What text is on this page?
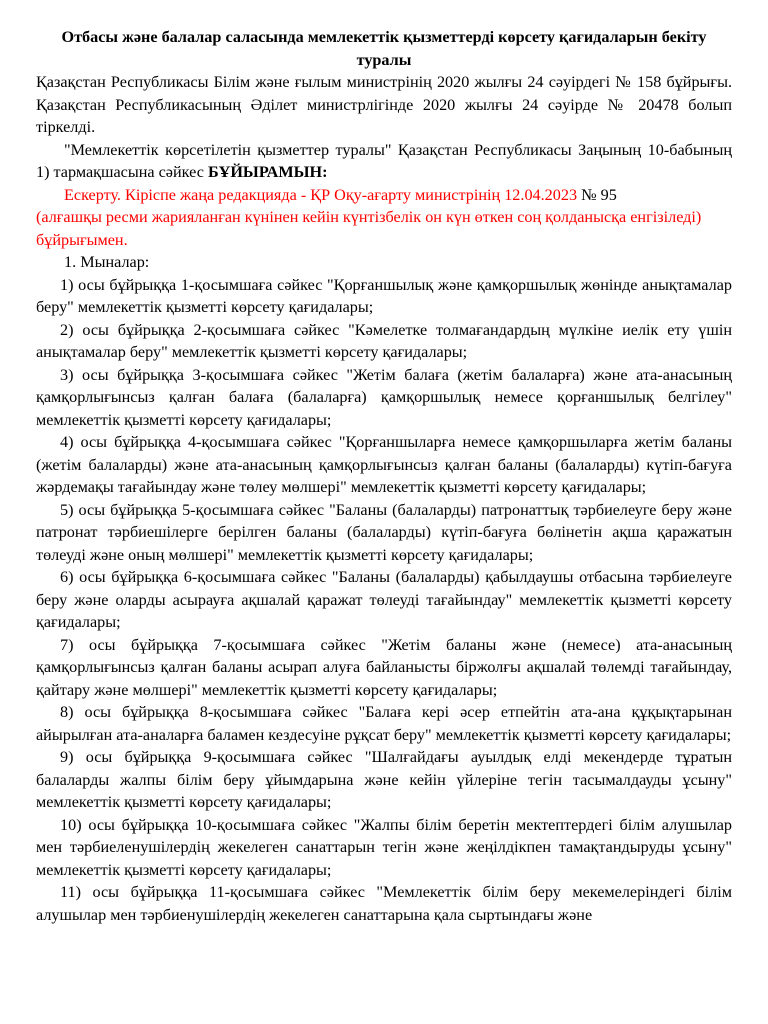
Отбасы және балалар саласында мемлекеттік қызметтерді көрсету қағидаларын бекіту туралы

Қазақстан Республикасы Білім және ғылым министрінің 2020 жылғы 24 сәуірдегі № 158 бұйрығы. Қазақстан Республикасының Әділет министрлігінде 2020 жылғы 24 сәуірде № 20478 болып тіркелді.

"Мемлекеттік көрсетілетін қызметтер туралы" Қазақстан Республикасы Заңының 10-бабының 1) тармақшасына сәйкес БҰЙЫРАМЫН:

Ескерту. Кіріспе жаңа редакцияда - ҚР Оқу-ағарту министрінің 12.04.2023 № 95
(алғашқы ресми жарияланған күнінен кейін күнтізбелік он күн өткен соң қолданысқа енгізіледі) бұйрығымен.

1. Мыналар:

1) осы бұйрыққа 1-қосымшаға сәйкес "Қорғаншылық және қамқоршылық жөнінде анықтамалар беру" мемлекеттік қызметті көрсету қағидалары;

2) осы бұйрыққа 2-қосымшаға сәйкес "Кәмелетке толмағандардың мүлкіне иелік ету үшін анықтамалар беру" мемлекеттік қызметті көрсету қағидалары;

3) осы бұйрыққа 3-қосымшаға сәйкес "Жетім балаға (жетім балаларға) және ата-анасының қамқорлығынсыз қалған балаға (балаларға) қамқоршылық немесе қорғаншылық белгілеу" мемлекеттік қызметті көрсету қағидалары;

4) осы бұйрыққа 4-қосымшаға сәйкес "Қорғаншыларға немесе қамқоршыларға жетім баланы (жетім балаларды) және ата-анасының қамқорлығынсыз қалған баланы (балаларды) күтіп-бағуға жәрдемақы тағайындау және төлеу мөлшері" мемлекеттік қызметті көрсету қағидалары;

5) осы бұйрыққа 5-қосымшаға сәйкес "Баланы (балаларды) патронаттық тәрбиелеуге беру және патронат тәрбиешілерге берілген баланы (балаларды) күтіп-бағуға бөлінетін ақша қаражатын төлеуді және оның мөлшері" мемлекеттік қызметті көрсету қағидалары;

6) осы бұйрыққа 6-қосымшаға сәйкес "Баланы (балаларды) қабылдаушы отбасына тәрбиелеуге беру және оларды асырауға ақшалай қаражат төлеуді тағайындау" мемлекеттік қызметті көрсету қағидалары;

7) осы бұйрыққа 7-қосымшаға сәйкес "Жетім баланы және (немесе) ата-анасының қамқорлығынсыз қалған баланы асырап алуға байланысты біржолғы ақшалай төлемді тағайындау, қайтару және мөлшері" мемлекеттік қызметті көрсету қағидалары;

8) осы бұйрыққа 8-қосымшаға сәйкес "Балаға кері әсер етпейтін ата-ана құқықтарынан айырылған ата-аналарға баламен кездесуіне рұқсат беру" мемлекеттік қызметті көрсету қағидалары;

9) осы бұйрыққа 9-қосымшаға сәйкес "Шалғайдағы ауылдық елді мекендерде тұратын балаларды жалпы білім беру ұйымдарына және кейін үйлеріне тегін тасымалдауды ұсыну" мемлекеттік қызметті көрсету қағидалары;

10) осы бұйрыққа 10-қосымшаға сәйкес "Жалпы білім беретін мектептердегі білім алушылар мен тәрбиеленушілердің жекелеген санаттарын тегін және жеңілдікпен тамақтандыруды ұсыну" мемлекеттік қызметті көрсету қағидалары;

11) осы бұйрыққа 11-қосымшаға сәйкес "Мемлекеттік білім беру мекемелеріндегі білім алушылар мен тәрбиенушілердің жекелеген санаттарына қала сыртындағы және
